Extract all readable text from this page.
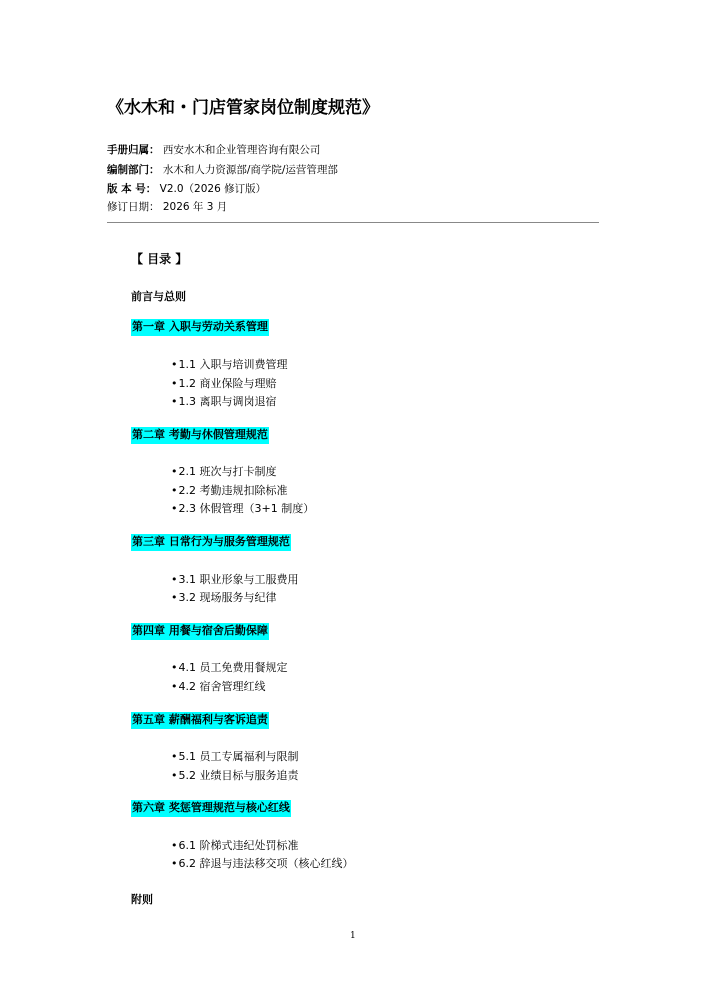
《水木和・门店管家岗位制度规范》
手册归属： 西安水木和企业管理咨询有限公司
编制部门： 水木和人力资源部/商学院/运营管理部
版 本 号： V2.0（2026 修订版）
修订日期： 2026 年 3 月
【 目录 】
前言与总则
第一章 入职与劳动关系管理
•1.1 入职与培训费管理
•1.2 商业保险与理赔
•1.3 离职与调岗退宿
第二章 考勤与休假管理规范
•2.1 班次与打卡制度
•2.2 考勤违规扣除标准
•2.3 休假管理（3+1 制度）
第三章 日常行为与服务管理规范
•3.1 职业形象与工服费用
•3.2 现场服务与纪律
第四章 用餐与宿舍后勤保障
•4.1 员工免费用餐规定
•4.2 宿舍管理红线
第五章 薪酬福利与客诉追责
•5.1 员工专属福利与限制
•5.2 业绩目标与服务追责
第六章 奖惩管理规范与核心红线
•6.1 阶梯式违纪处罚标准
•6.2 辞退与违法移交项（核心红线）
附则
1
